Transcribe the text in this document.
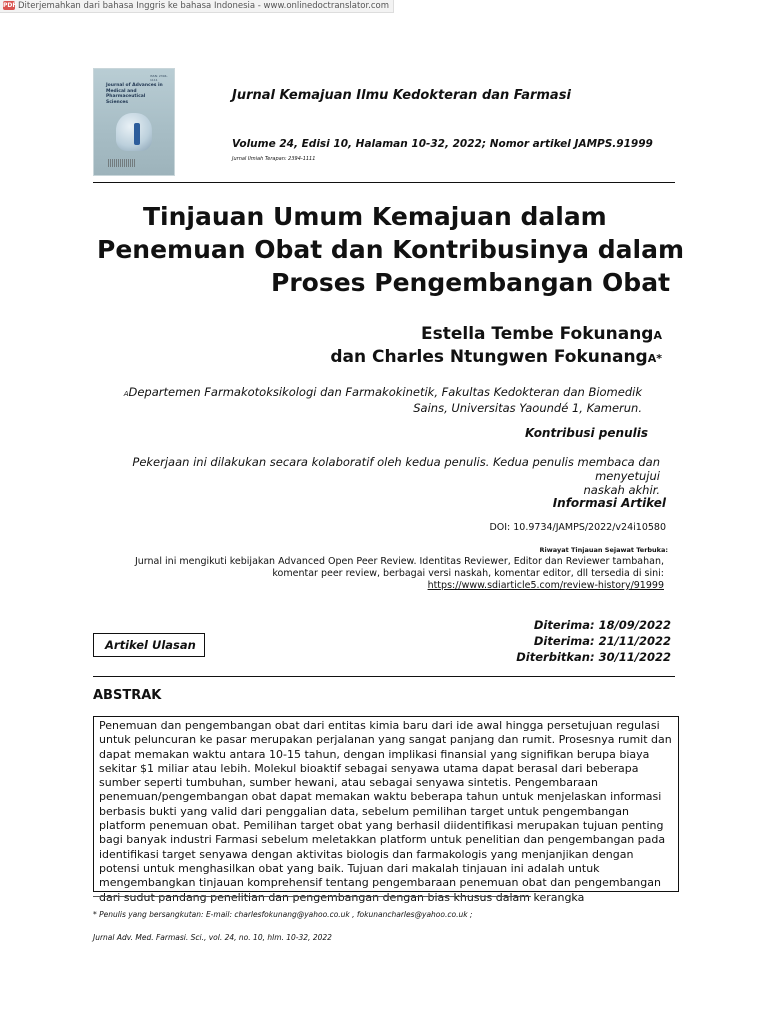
PDF Diterjemahkan dari bahasa Inggris ke bahasa Indonesia - www.onlinedoctranslator.com
ISSN: 2394-1111
Journal of Advances in Medical and Pharmaceutical Sciences	Jurnal Kemajuan Ilmu Kedokteran dan Farmasi
Volume 24, Edisi 10, Halaman 10-32, 2022; Nomor artikel JAMPS.91999
Jurnal Ilmiah Terapan: 2394-1111
Tinjauan Umum Kemajuan dalam
Penemuan Obat dan Kontribusinya dalam
Proses Pengembangan Obat
Estella Tembe FokunangA
dan Charles Ntungwen FokunangA*
ADepartemen Farmakotoksikologi dan Farmakokinetik, Fakultas Kedokteran dan Biomedik
Sains, Universitas Yaoundé 1, Kamerun.
Kontribusi penulis
Pekerjaan ini dilakukan secara kolaboratif oleh kedua penulis. Kedua penulis membaca dan menyetujui
naskah akhir.
Informasi Artikel
DOI: 10.9734/JAMPS/2022/v24i10580
Riwayat Tinjauan Sejawat Terbuka:
Jurnal ini mengikuti kebijakan Advanced Open Peer Review. Identitas Reviewer, Editor dan Reviewer tambahan,
komentar peer review, berbagai versi naskah, komentar editor, dll tersedia di sini:
https://www.sdiarticle5.com/review-history/91999
Diterima: 18/09/2022
Diterima: 21/11/2022
Diterbitkan: 30/11/2022
Artikel Ulasan
ABSTRAK
Penemuan dan pengembangan obat dari entitas kimia baru dari ide awal hingga persetujuan regulasi untuk peluncuran ke pasar merupakan perjalanan yang sangat panjang dan rumit. Prosesnya rumit dan dapat memakan waktu antara 10-15 tahun, dengan implikasi finansial yang signifikan berupa biaya sekitar $1 miliar atau lebih. Molekul bioaktif sebagai senyawa utama dapat berasal dari beberapa sumber seperti tumbuhan, sumber hewani, atau sebagai senyawa sintetis. Pengembaraan penemuan/pengembangan obat dapat memakan waktu beberapa tahun untuk menjelaskan informasi berbasis bukti yang valid dari penggalian data, sebelum pemilihan target untuk pengembangan platform penemuan obat. Pemilihan target obat yang berhasil diidentifikasi merupakan tujuan penting bagi banyak industri Farmasi sebelum meletakkan platform untuk penelitian dan pengembangan pada identifikasi target senyawa dengan aktivitas biologis dan farmakologis yang menjanjikan dengan potensi untuk menghasilkan obat yang baik. Tujuan dari makalah tinjauan ini adalah untuk mengembangkan tinjauan komprehensif tentang pengembaraan penemuan obat dan pengembangan dari sudut pandang penelitian dan pengembangan dengan bias khusus dalam kerangka
* Penulis yang bersangkutan: E-mail: charlesfokunang@yahoo.co.uk , fokunancharles@yahoo.co.uk ;
Jurnal Adv. Med. Farmasi. Sci., vol. 24, no. 10, hlm. 10-32, 2022
